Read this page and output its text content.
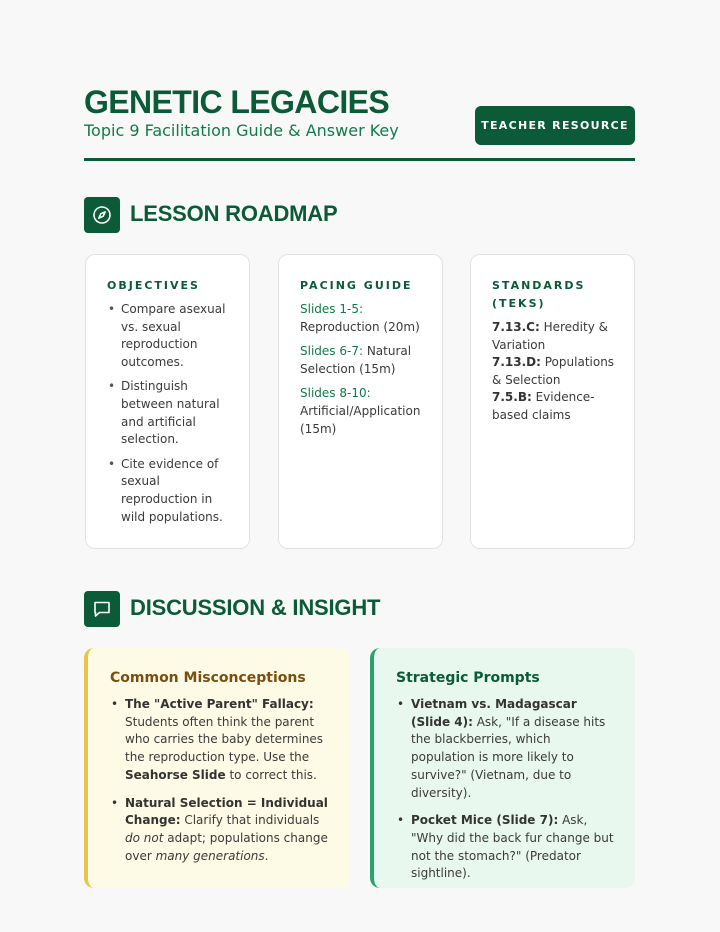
GENETIC LEGACIES
Topic 9 Facilitation Guide & Answer Key	TEACHER RESOURCE
LESSON ROADMAP
OBJECTIVES
• Compare asexual vs. sexual reproduction outcomes.
• Distinguish between natural and artificial selection.
• Cite evidence of sexual reproduction in wild populations.
PACING GUIDE
Slides 1-5: Reproduction (20m)
Slides 6-7: Natural Selection (15m)
Slides 8-10: Artificial/Application (15m)
STANDARDS (TEKS)
7.13.C: Heredity & Variation
7.13.D: Populations & Selection
7.5.B: Evidence-based claims
DISCUSSION & INSIGHT
Common Misconceptions
• The "Active Parent" Fallacy: Students often think the parent who carries the baby determines the reproduction type. Use the Seahorse Slide to correct this.
• Natural Selection = Individual Change: Clarify that individuals do not adapt; populations change over many generations.
Strategic Prompts
• Vietnam vs. Madagascar (Slide 4): Ask, "If a disease hits the blackberries, which population is more likely to survive?" (Vietnam, due to diversity).
• Pocket Mice (Slide 7): Ask, "Why did the back fur change but not the stomach?" (Predator sightline).
